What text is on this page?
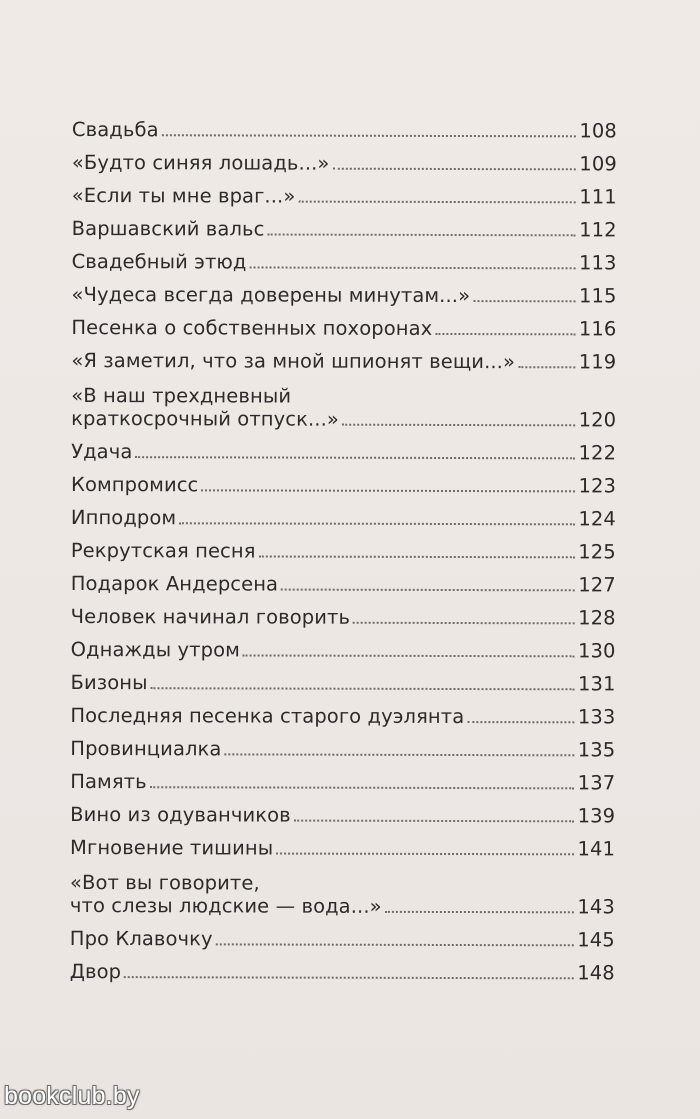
Свадьба	108
«Будто синяя лошадь...»	109
«Если ты мне враг...»	111
Варшавский вальс	112
Свадебный этюд	113
«Чудеса всегда доверены минутам...»	115
Песенка о собственных похоронах	116
«Я заметил, что за мной шпионят вещи...»	119
«В наш трехдневный
краткосрочный отпуск...»	120
Удача	122
Компромисс	123
Ипподром	124
Рекрутская песня	125
Подарок Андерсена	127
Человек начинал говорить	128
Однажды утром	130
Бизоны	131
Последняя песенка старого дуэлянта	133
Провинциалка	135
Память	137
Вино из одуванчиков	139
Мгновение тишины	141
«Вот вы говорите,
что слезы людские — вода...»	143
Про Клавочку	145
Двор	148
bookclub.by
